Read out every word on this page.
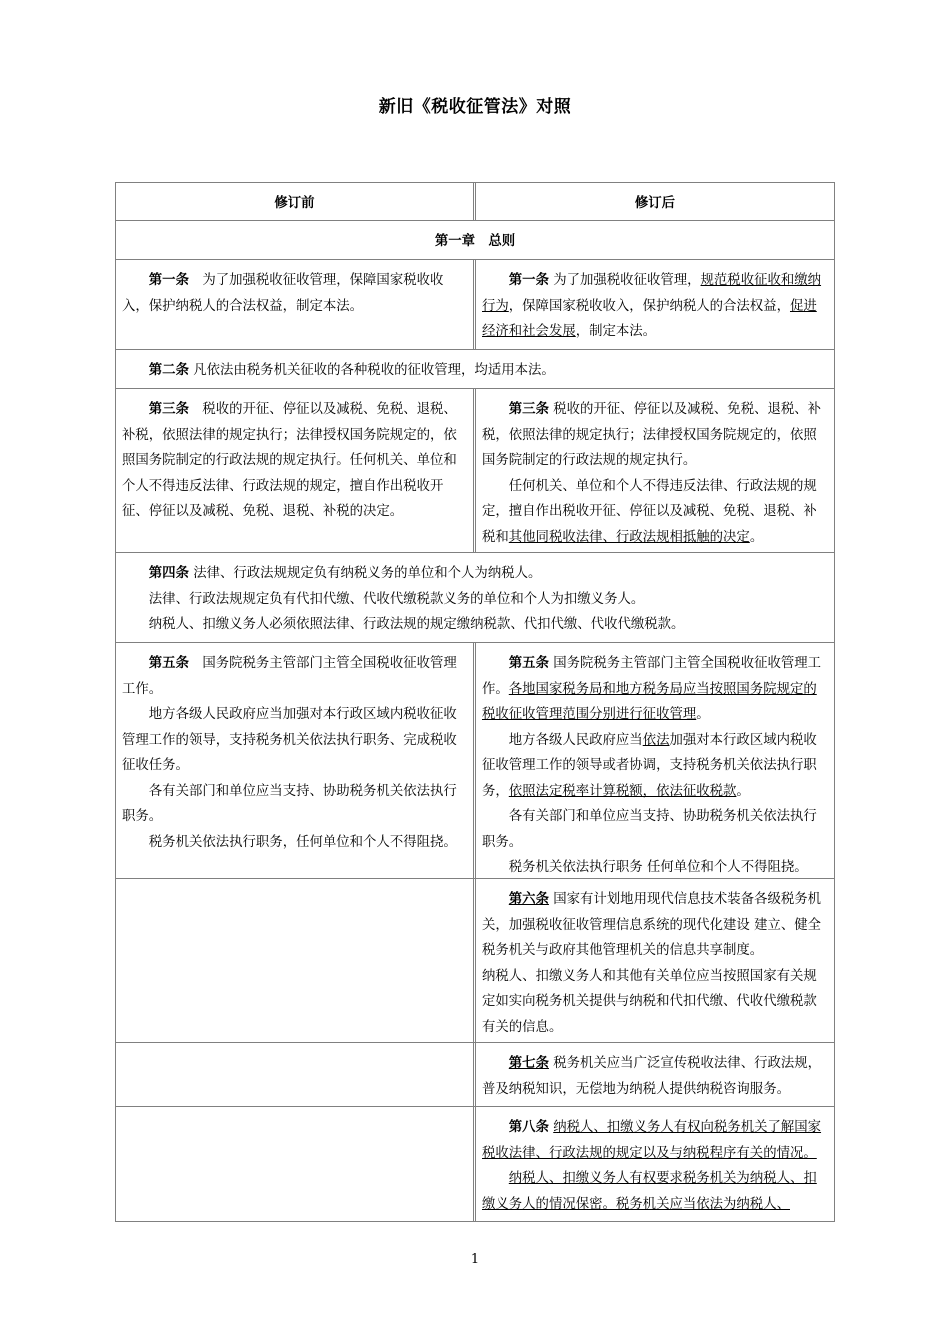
新旧《税收征管法》对照
修订前	修订后
第一章　总则

第一条　 为了加强税收征收管理，保障国家税收收入，保护纳税人的合法权益，制定本法。

第一条 为了加强税收征收管理，规范税收征收和缴纳行为，保障国家税收收入，保护纳税人的合法权益，促进经济和社会发展，制定本法。

第二条 凡依法由税务机关征收的各种税收的征收管理，均适用本法。

第三条　 税收的开征、停征以及减税、免税、退税、补税，依照法律的规定执行；法律授权国务院规定的，依照国务院制定的行政法规的规定执行。任何机关、单位和个人不得违反法律、行政法规的规定，擅自作出税收开征、停征以及减税、免税、退税、补税的决定。

第三条 税收的开征、停征以及减税、免税、退税、补税，依照法律的规定执行；法律授权国务院规定的，依照国务院制定的行政法规的规定执行。

任何机关、单位和个人不得违反法律、行政法规的规定，擅自作出税收开征、停征以及减税、免税、退税、补税和其他同税收法律、行政法规相抵触的决定。

第四条 法律、行政法规规定负有纳税义务的单位和个人为纳税人。

法律、行政法规规定负有代扣代缴、代收代缴税款义务的单位和个人为扣缴义务人。

纳税人、扣缴义务人必须依照法律、行政法规的规定缴纳税款、代扣代缴、代收代缴税款。

第五条　 国务院税务主管部门主管全国税收征收管理工作。

地方各级人民政府应当加强对本行政区域内税收征收管理工作的领导，支持税务机关依法执行职务、完成税收征收任务。

各有关部门和单位应当支持、协助税务机关依法执行职务。

税务机关依法执行职务，任何单位和个人不得阻挠。

第五条 国务院税务主管部门主管全国税收征收管理工作。各地国家税务局和地方税务局应当按照国务院规定的税收征收管理范围分别进行征收管理。

地方各级人民政府应当依法加强对本行政区域内税收征收管理工作的领导或者协调，支持税务机关依法执行职务，依照法定税率计算税额，依法征收税款。

各有关部门和单位应当支持、协助税务机关依法执行职务。

税务机关依法执行职务 任何单位和个人不得阻挠。

第六条 国家有计划地用现代信息技术装备各级税务机关，加强税收征收管理信息系统的现代化建设 建立、健全税务机关与政府其他管理机关的信息共享制度。

纳税人、扣缴义务人和其他有关单位应当按照国家有关规定如实向税务机关提供与纳税和代扣代缴、代收代缴税款有关的信息。

第七条 税务机关应当广泛宣传税收法律、行政法规，普及纳税知识，无偿地为纳税人提供纳税咨询服务。

第八条 纳税人、扣缴义务人有权向税务机关了解国家税收法律、行政法规的规定以及与纳税程序有关的情况。

纳税人、扣缴义务人有权要求税务机关为纳税人、扣缴义务人的情况保密。税务机关应当依法为纳税人、

1
